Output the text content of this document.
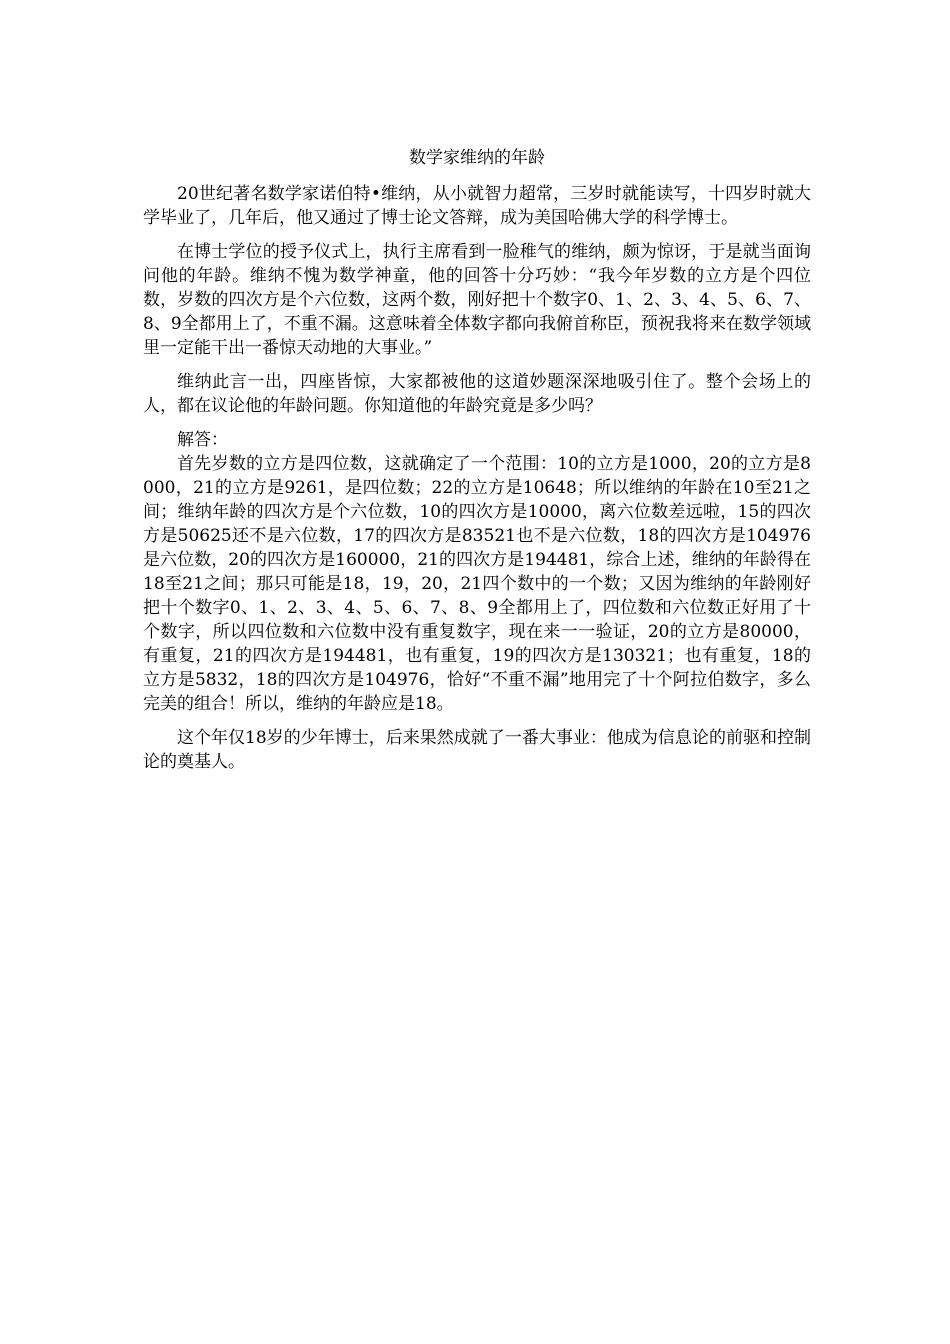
数学家维纳的年龄

20世纪著名数学家诺伯特•维纳，从小就智力超常，三岁时就能读写，十四岁时就大学毕业了，几年后，他又通过了博士论文答辩，成为美国哈佛大学的科学博士。

在博士学位的授予仪式上，执行主席看到一脸稚气的维纳，颇为惊讶，于是就当面询问他的年龄。维纳不愧为数学神童，他的回答十分巧妙：“我今年岁数的立方是个四位数，岁数的四次方是个六位数，这两个数，刚好把十个数字0、1、2、3、4、5、6、7、8、9全都用上了，不重不漏。这意味着全体数字都向我俯首称臣，预祝我将来在数学领域里一定能干出一番惊天动地的大事业。”

维纳此言一出，四座皆惊，大家都被他的这道妙题深深地吸引住了。整个会场上的人，都在议论他的年龄问题。你知道他的年龄究竟是多少吗？

解答：

首先岁数的立方是四位数，这就确定了一个范围：10的立方是1000，20的立方是8000，21的立方是9261，是四位数；22的立方是10648；所以维纳的年龄在10至21之间；维纳年龄的四次方是个六位数，10的四次方是10000，离六位数差远啦，15的四次方是50625还不是六位数，17的四次方是83521也不是六位数，18的四次方是104976是六位数，20的四次方是160000，21的四次方是194481，综合上述，维纳的年龄得在18至21之间；那只可能是18，19，20，21四个数中的一个数；又因为维纳的年龄刚好把十个数字0、1、2、3、4、5、6、7、8、9全都用上了，四位数和六位数正好用了十个数字，所以四位数和六位数中没有重复数字，现在来一一验证，20的立方是80000，有重复，21的四次方是194481，也有重复，19的四次方是130321；也有重复，18的立方是5832，18的四次方是104976，恰好“不重不漏”地用完了十个阿拉伯数字，多么完美的组合！所以，维纳的年龄应是18。

这个年仅18岁的少年博士，后来果然成就了一番大事业：他成为信息论的前驱和控制论的奠基人。
